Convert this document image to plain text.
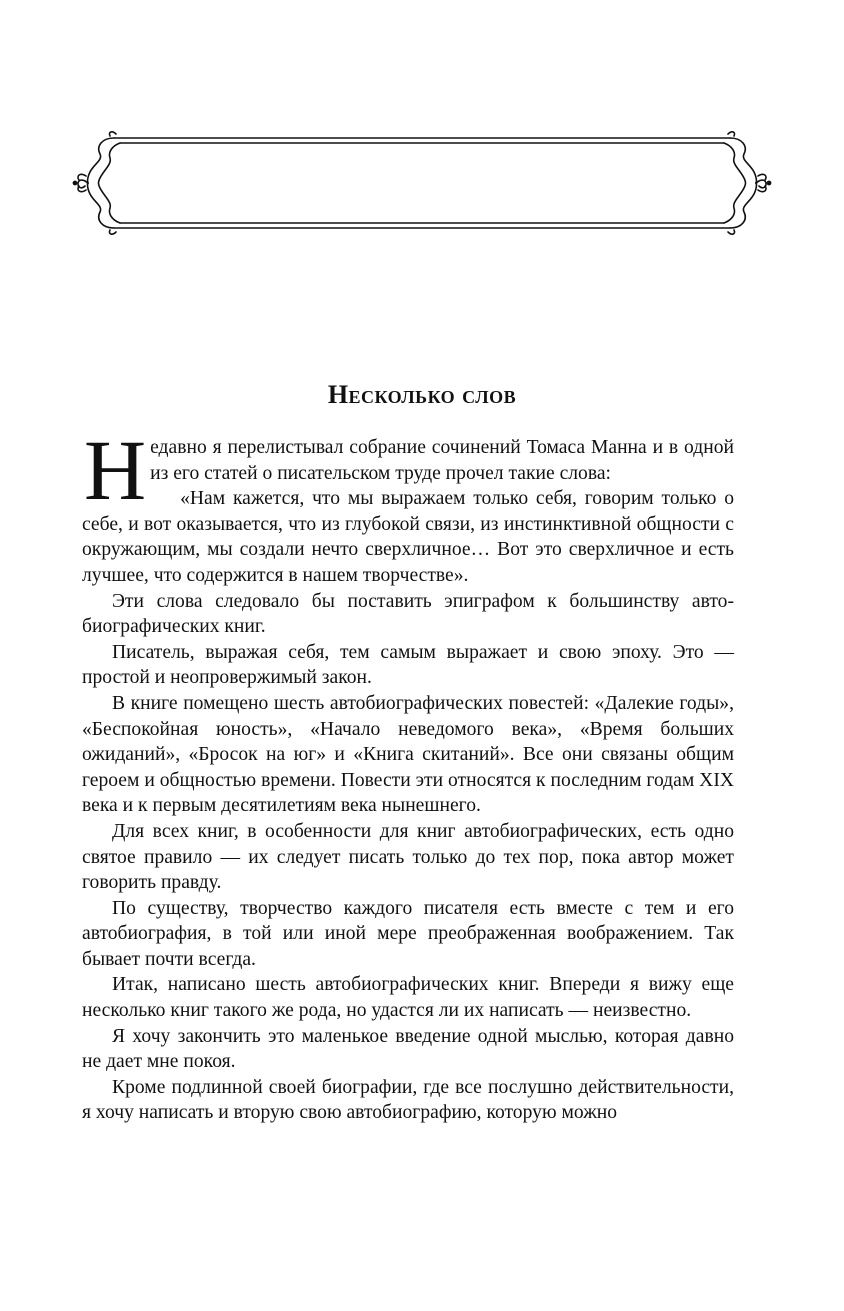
Несколько слов

Недавно я перелистывал собрание сочинений Томаса Манна и в одной из его статей о писательском труде прочел такие слова:

«Нам кажется, что мы выражаем только себя, говорим только о себе, и вот оказывается, что из глубокой связи, из инстинктивной общности с окружающим, мы создали нечто сверхличное… Вот это сверхличное и есть лучшее, что содержится в нашем творчестве».

Эти слова следовало бы поставить эпиграфом к большинству автобиографических книг.

Писатель, выражая себя, тем самым выражает и свою эпоху. Это — простой и неопровержимый закон.

В книге помещено шесть автобиографических повестей: «Далекие годы», «Беспокойная юность», «Начало неведомого века», «Время больших ожиданий», «Бросок на юг» и «Книга скитаний». Все они связаны общим героем и общностью времени. Повести эти относятся к последним годам XIX века и к первым десятилетиям века нынешнего.

Для всех книг, в особенности для книг автобиографических, есть одно святое правило — их следует писать только до тех пор, пока автор может говорить правду.

По существу, творчество каждого писателя есть вместе с тем и его автобиография, в той или иной мере преображенная воображением. Так бывает почти всегда.

Итак, написано шесть автобиографических книг. Впереди я вижу еще несколько книг такого же рода, но удастся ли их написать — неизвестно.

Я хочу закончить это маленькое введение одной мыслью, которая давно не дает мне покоя.

Кроме подлинной своей биографии, где все послушно действительности, я хочу написать и вторую свою автобиографию, которую можно
